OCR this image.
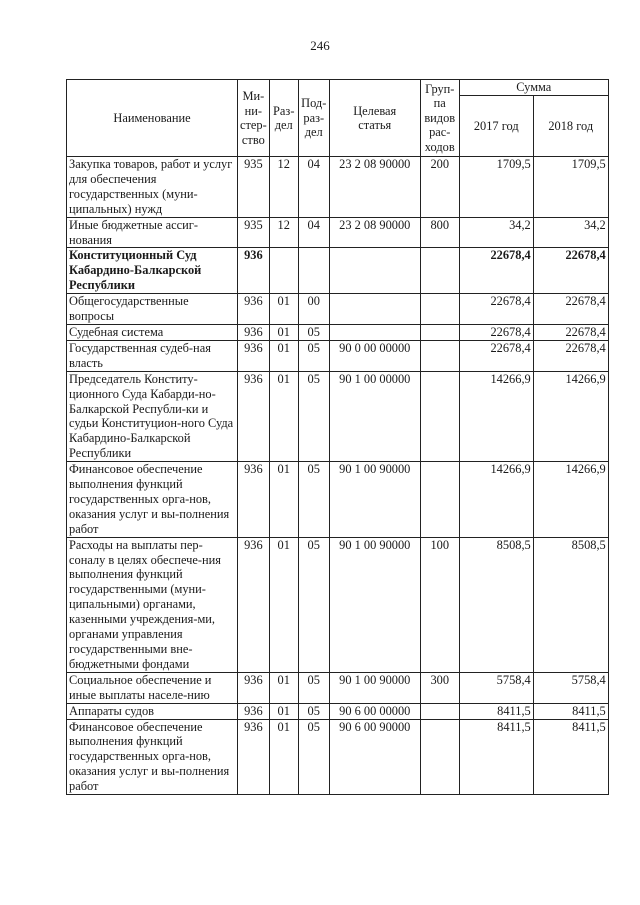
246
Наименование	Ми-
ни-
стер-
ство	Раз-
дел	Под-
раз-
дел	Целевая
статья	Груп-
па
видов
рас-
ходов	Сумма	
						2017 год	2018 год
Закупка товаров, работ и услуг для обеспечения государственных (муни-ципальных) нужд	935	12	04	23 2 08 90000	200	1709,5	1709,5
Иные бюджетные ассиг-нования	935	12	04	23 2 08 90000	800	34,2	34,2
Конституционный Суд Кабардино-Балкарской Республики	936					22678,4	22678,4
Общегосударственные вопросы	936	01	00			22678,4	22678,4
Судебная система	936	01	05			22678,4	22678,4
Государственная судеб-ная власть	936	01	05	90 0 00 00000		22678,4	22678,4
Председатель Конститу-ционного Суда Кабарди-но-Балкарской Республи-ки и судьи Конституцион-ного Суда Кабардино-Балкарской Республики	936	01	05	90 1 00 00000		14266,9	14266,9
Финансовое обеспечение выполнения функций государственных орга-нов, оказания услуг и вы-полнения работ	936	01	05	90 1 00 90000		14266,9	14266,9
Расходы на выплаты пер-соналу в целях обеспече-ния выполнения функций государственными (муни-ципальными) органами, казенными учреждения-ми, органами управления государственными вне-бюджетными фондами	936	01	05	90 1 00 90000	100	8508,5	8508,5
Социальное обеспечение и иные выплаты населе-нию	936	01	05	90 1 00 90000	300	5758,4	5758,4
Аппараты судов	936	01	05	90 6 00 00000		8411,5	8411,5
Финансовое обеспечение выполнения функций государственных орга-нов, оказания услуг и вы-полнения работ	936	01	05	90 6 00 90000		8411,5	8411,5
